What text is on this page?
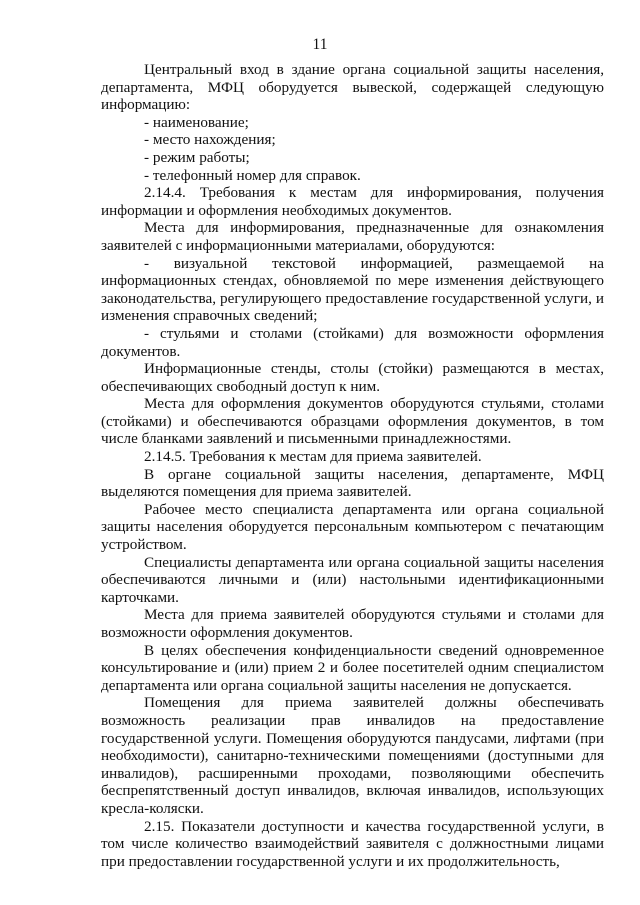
11

Центральный вход в здание органа социальной защиты населения, департамента, МФЦ оборудуется вывеской, содержащей следующую информацию:

- наименование;

- место нахождения;

- режим работы;

- телефонный номер для справок.

2.14.4. Требования к местам для информирования, получения информации и оформления необходимых документов.

Места для информирования, предназначенные для ознакомления заявителей с информационными материалами, оборудуются:

- визуальной текстовой информацией, размещаемой на информационных стендах, обновляемой по мере изменения действующего законодательства, регулирующего предоставление государственной услуги, и изменения справочных сведений;

- стульями и столами (стойками) для возможности оформления документов.

Информационные стенды, столы (стойки) размещаются в местах, обеспечивающих свободный доступ к ним.

Места для оформления документов оборудуются стульями, столами (стойками) и обеспечиваются образцами оформления документов, в том числе бланками заявлений и письменными принадлежностями.

2.14.5. Требования к местам для приема заявителей.

В органе социальной защиты населения, департаменте, МФЦ выделяются помещения для приема заявителей.

Рабочее место специалиста департамента или органа социальной защиты населения оборудуется персональным компьютером с печатающим устройством.

Специалисты департамента или органа социальной защиты населения обеспечиваются личными и (или) настольными идентификационными карточками.

Места для приема заявителей оборудуются стульями и столами для возможности оформления документов.

В целях обеспечения конфиденциальности сведений одновременное консультирование и (или) прием 2 и более посетителей одним специалистом департамента или органа социальной защиты населения не допускается.

Помещения для приема заявителей должны обеспечивать возможность реализации прав инвалидов на предоставление государственной услуги. Помещения оборудуются пандусами, лифтами (при необходимости), санитарно-техническими помещениями (доступными для инвалидов), расширенными проходами, позволяющими обеспечить беспрепятственный доступ инвалидов, включая инвалидов, использующих кресла-коляски.

2.15. Показатели доступности и качества государственной услуги, в том числе количество взаимодействий заявителя с должностными лицами при предоставлении государственной услуги и их продолжительность,
